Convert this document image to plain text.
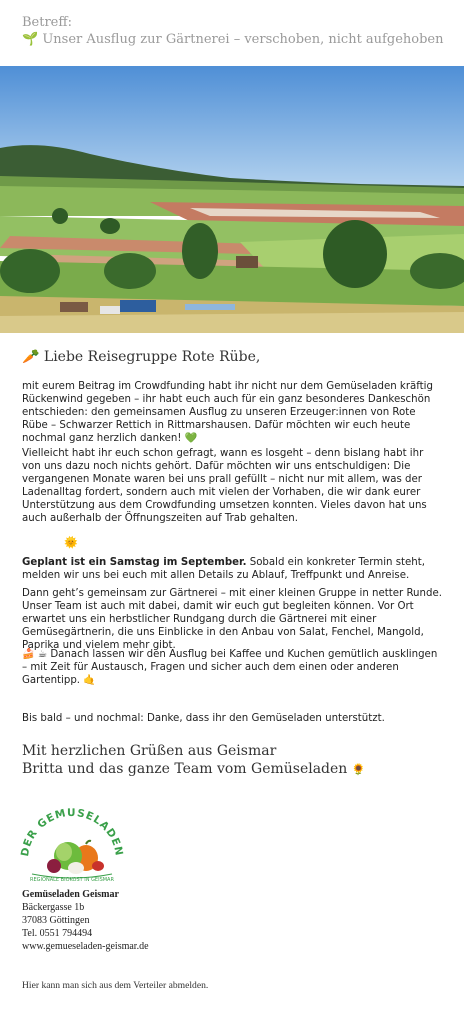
Betreff:
🌱 Unser Ausflug zur Gärtnerei – verschoben, nicht aufgehoben
🥕 Liebe Reisegruppe Rote Rübe,
mit eurem Beitrag im Crowdfunding habt ihr nicht nur dem Gemüseladen kräftig Rückenwind gegeben – ihr habt euch auch für ein ganz besonderes Dankeschön entschieden: den gemeinsamen Ausflug zu unseren Erzeuger:innen von Rote Rübe – Schwarzer Rettich in Rittmarshausen. Dafür möchten wir euch heute nochmal ganz herzlich danken! 💚
Vielleicht habt ihr euch schon gefragt, wann es losgeht – denn bislang habt ihr von uns dazu noch nichts gehört. Dafür möchten wir uns entschuldigen: Die vergangenen Monate waren bei uns prall gefüllt – nicht nur mit allem, was der Ladenalltag fordert, sondern auch mit vielen der Vorhaben, die wir dank eurer Unterstützung aus dem Crowdfunding umsetzen konnten. Vieles davon hat uns auch außerhalb der Öffnungszeiten auf Trab gehalten.
🌞
Geplant ist ein Samstag im September. Sobald ein konkreter Termin steht, melden wir uns bei euch mit allen Details zu Ablauf, Treffpunkt und Anreise.
Dann geht’s gemeinsam zur Gärtnerei – mit einer kleinen Gruppe in netter Runde. Unser Team ist auch mit dabei, damit wir euch gut begleiten können. Vor Ort erwartet uns ein herbstlicher Rundgang durch die Gärtnerei mit einer Gemüsegärtnerin, die uns Einblicke in den Anbau von Salat, Fenchel, Mangold, Paprika und vielem mehr gibt.
🍰 ☕ Danach lassen wir den Ausflug bei Kaffee und Kuchen gemütlich ausklingen – mit Zeit für Austausch, Fragen und sicher auch dem einen oder anderen Gartentipp. 🤙
Bis bald – und nochmal: Danke, dass ihr den Gemüseladen unterstützt.
Mit herzlichen Grüßen aus Geismar
Britta und das ganze Team vom Gemüseladen 🌻
DER GEMÜSELADEN
REGIONALE BIOKOST IN GEISMAR
Gemüseladen Geismar
Bäckergasse 1b
37083 Göttingen
Tel. 0551 794494
www.gemueseladen-geismar.de
Hier kann man sich aus dem Verteiler abmelden.
